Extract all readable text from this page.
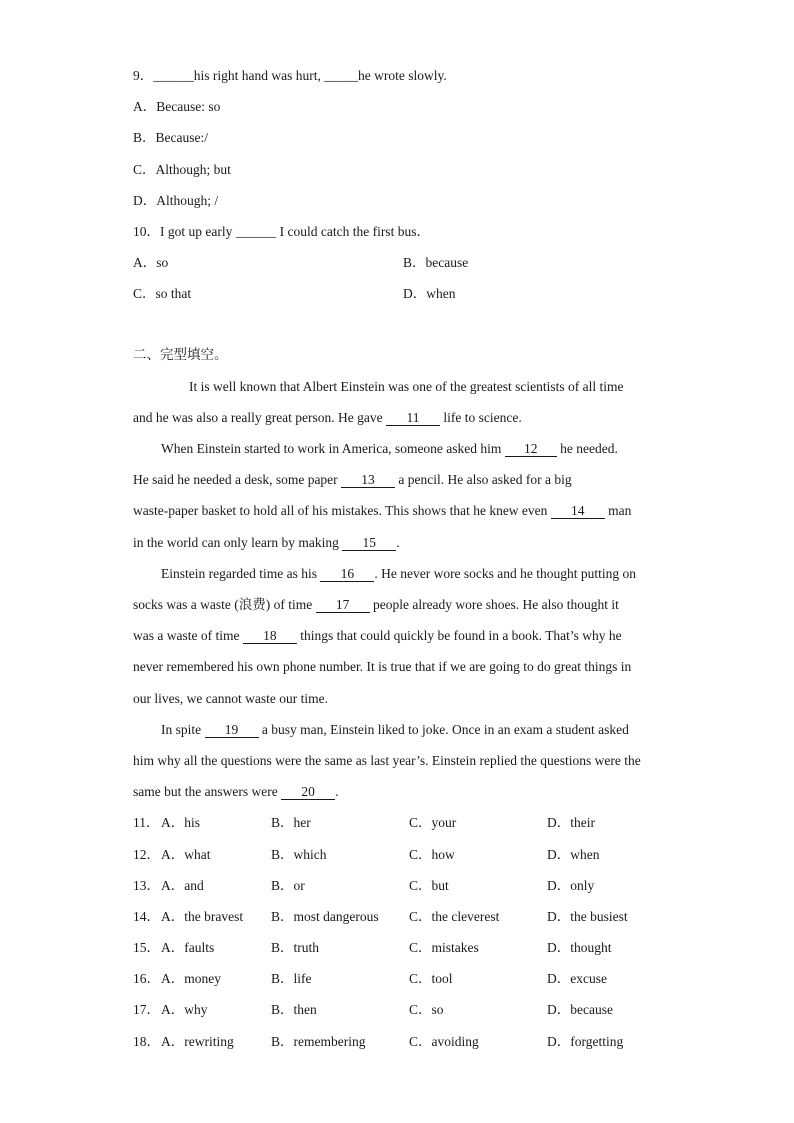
9．______his right hand was hurt, _____he wrote slowly.
A．Because: so
B．Because:/
C．Although; but
D．Although; /
10．I got up early ______ I could catch the first bus．
A．so	B．because
C．so that	D．when
二、完型填空。
It is well known that Albert Einstein was one of the greatest scientists of all time
and he was also a really great person. He gave 11 life to science.
When Einstein started to work in America, someone asked him 12 he needed.
He said he needed a desk, some paper 13 a pencil. He also asked for a big
waste-paper basket to hold all of his mistakes. This shows that he knew even 14 man
in the world can only learn by making 15 .
Einstein regarded time as his 16 . He never wore socks and he thought putting on
socks was a waste (浪费) of time 17 people already wore shoes. He also thought it
was a waste of time 18 things that could quickly be found in a book. That’s why he
never remembered his own phone number. It is true that if we are going to do great things in
our lives, we cannot waste our time.
In spite 19 a busy man, Einstein liked to joke. Once in an exam a student asked
him why all the questions were the same as last year’s. Einstein replied the questions were the
same but the answers were 20 .
11． A．his	B．her	C．your	D．their
12． A．what	B．which	C．how	D．when
13． A．and	B．or	C．but	D．only
14． A．the bravest	B．most dangerous	C．the cleverest	D．the busiest
15． A．faults	B．truth	C．mistakes	D．thought
16． A．money	B．life	C．tool	D．excuse
17． A．why	B．then	C．so	D．because
18． A．rewriting	B．remembering	C．avoiding	D．forgetting
